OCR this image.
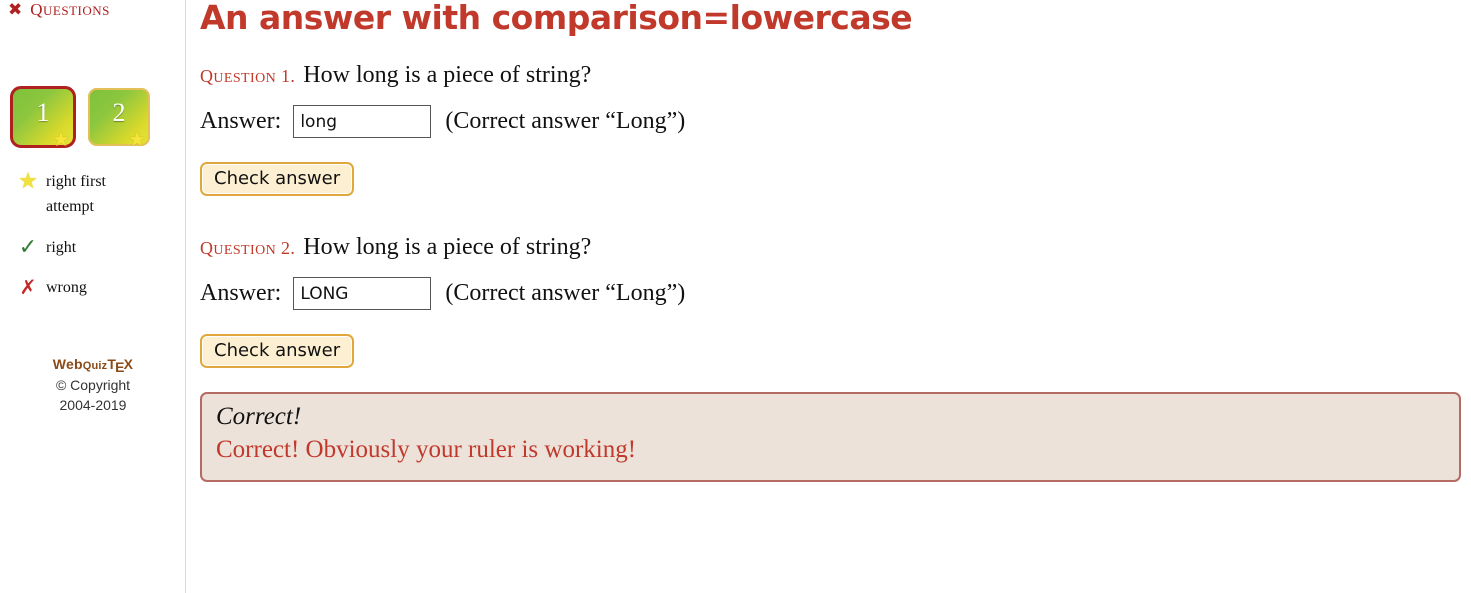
✖ QUESTIONS
1
★
2
★
★ right first attempt
✓ right
✗ wrong
WebQuizTEX
© Copyright
2004-2019
An answer with comparison=lowercase
QUESTION 1. How long is a piece of string?
Answer:
long	(Correct answer “Long”)
Check answer
QUESTION 2. How long is a piece of string?
Answer:
LONG	(Correct answer “Long”)
Check answer
Correct!
Correct! Obviously your ruler is working!
